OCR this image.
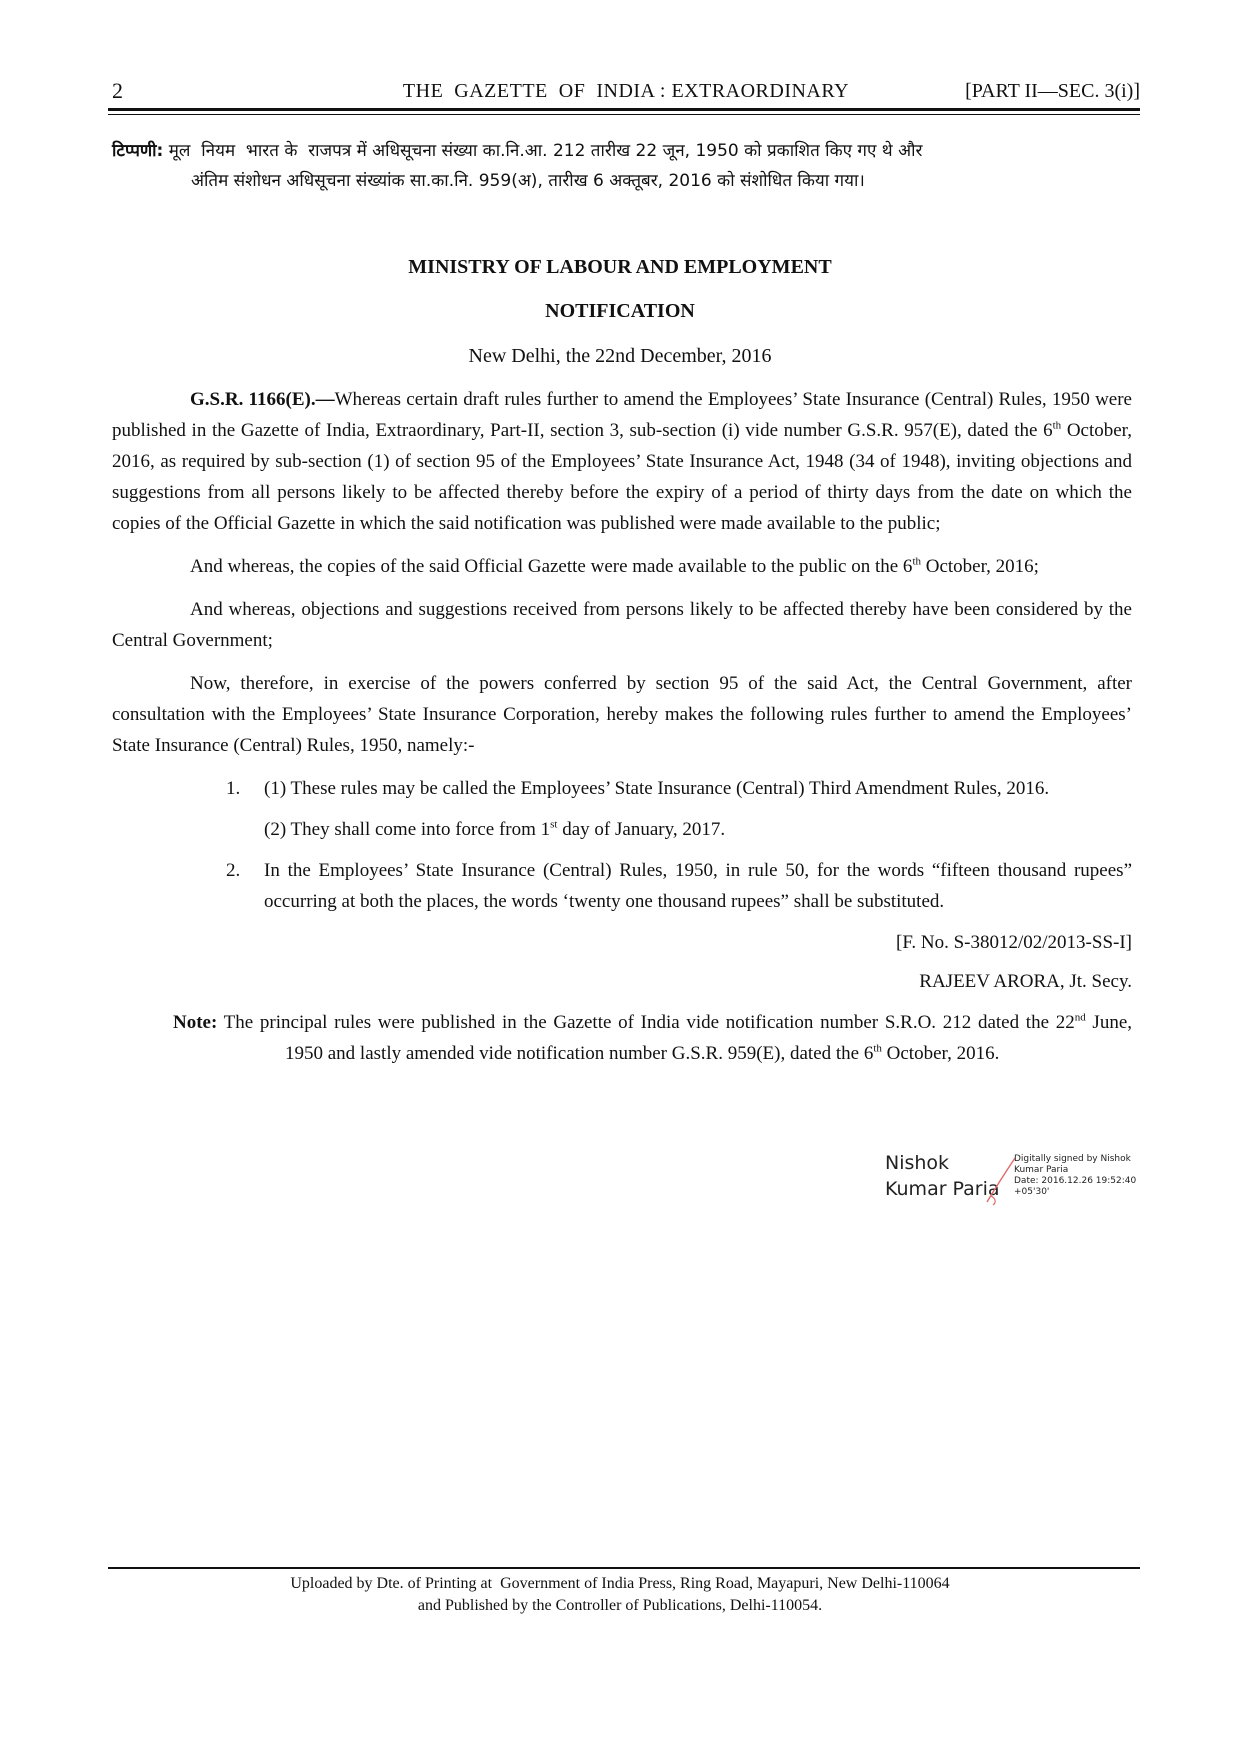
2	THE  GAZETTE  OF  INDIA : EXTRAORDINARY	[PART II—SEC. 3(i)]
टिप्पणी: मूल  नियम  भारत के  राजपत्र में अधिसूचना संख्या का.नि.आ. 212 तारीख 22 जून, 1950 को प्रकाशित किए गए थे और
अंतिम संशोधन अधिसूचना संख्यांक सा.का.नि. 959(अ), तारीख 6 अक्तूबर, 2016 को संशोधित किया गया।
MINISTRY OF LABOUR AND EMPLOYMENT
NOTIFICATION
New Delhi, the 22nd December, 2016

G.S.R. 1166(E).—Whereas certain draft rules further to amend the Employees’ State Insurance (Central) Rules, 1950 were published in the Gazette of India, Extraordinary, Part-II, section 3, sub-section (i) vide number G.S.R. 957(E), dated the 6th October, 2016, as required by sub-section (1) of section 95 of the Employees’ State Insurance Act, 1948 (34 of 1948), inviting objections and suggestions from all persons likely to be affected thereby before the expiry of a period of thirty days from the date on which the copies of the Official Gazette in which the said notification was published were made available to the public;

And whereas, the copies of the said Official Gazette were made available to the public on the 6th October, 2016;

And whereas, objections and suggestions received from persons likely to be affected thereby have been considered by the Central Government;

Now, therefore, in exercise of the powers conferred by section 95 of the said Act, the Central Government, after consultation with the Employees’ State Insurance Corporation, hereby makes the following rules further to amend the Employees’ State Insurance (Central) Rules, 1950, namely:-

1. (1) These rules may be called the Employees’ State Insurance (Central) Third Amendment Rules, 2016.
(2) They shall come into force from 1st day of January, 2017.
2. In the Employees’ State Insurance (Central) Rules, 1950, in rule 50, for the words “fifteen thousand rupees” occurring at both the places, the words ‘twenty one thousand rupees” shall be substituted.
[F. No. S-38012/02/2013-SS-I]
RAJEEV ARORA, Jt. Secy.
Note: The principal rules were published in the Gazette of India vide notification number S.R.O. 212 dated the 22nd June, 1950 and lastly amended vide notification number G.S.R. 959(E), dated the 6th October, 2016.
Nishok
Kumar Paria
Digitally signed by Nishok
Kumar Paria
Date: 2016.12.26 19:52:40
+05'30'
Uploaded by Dte. of Printing at  Government of India Press, Ring Road, Mayapuri, New Delhi-110064
and Published by the Controller of Publications, Delhi-110054.
